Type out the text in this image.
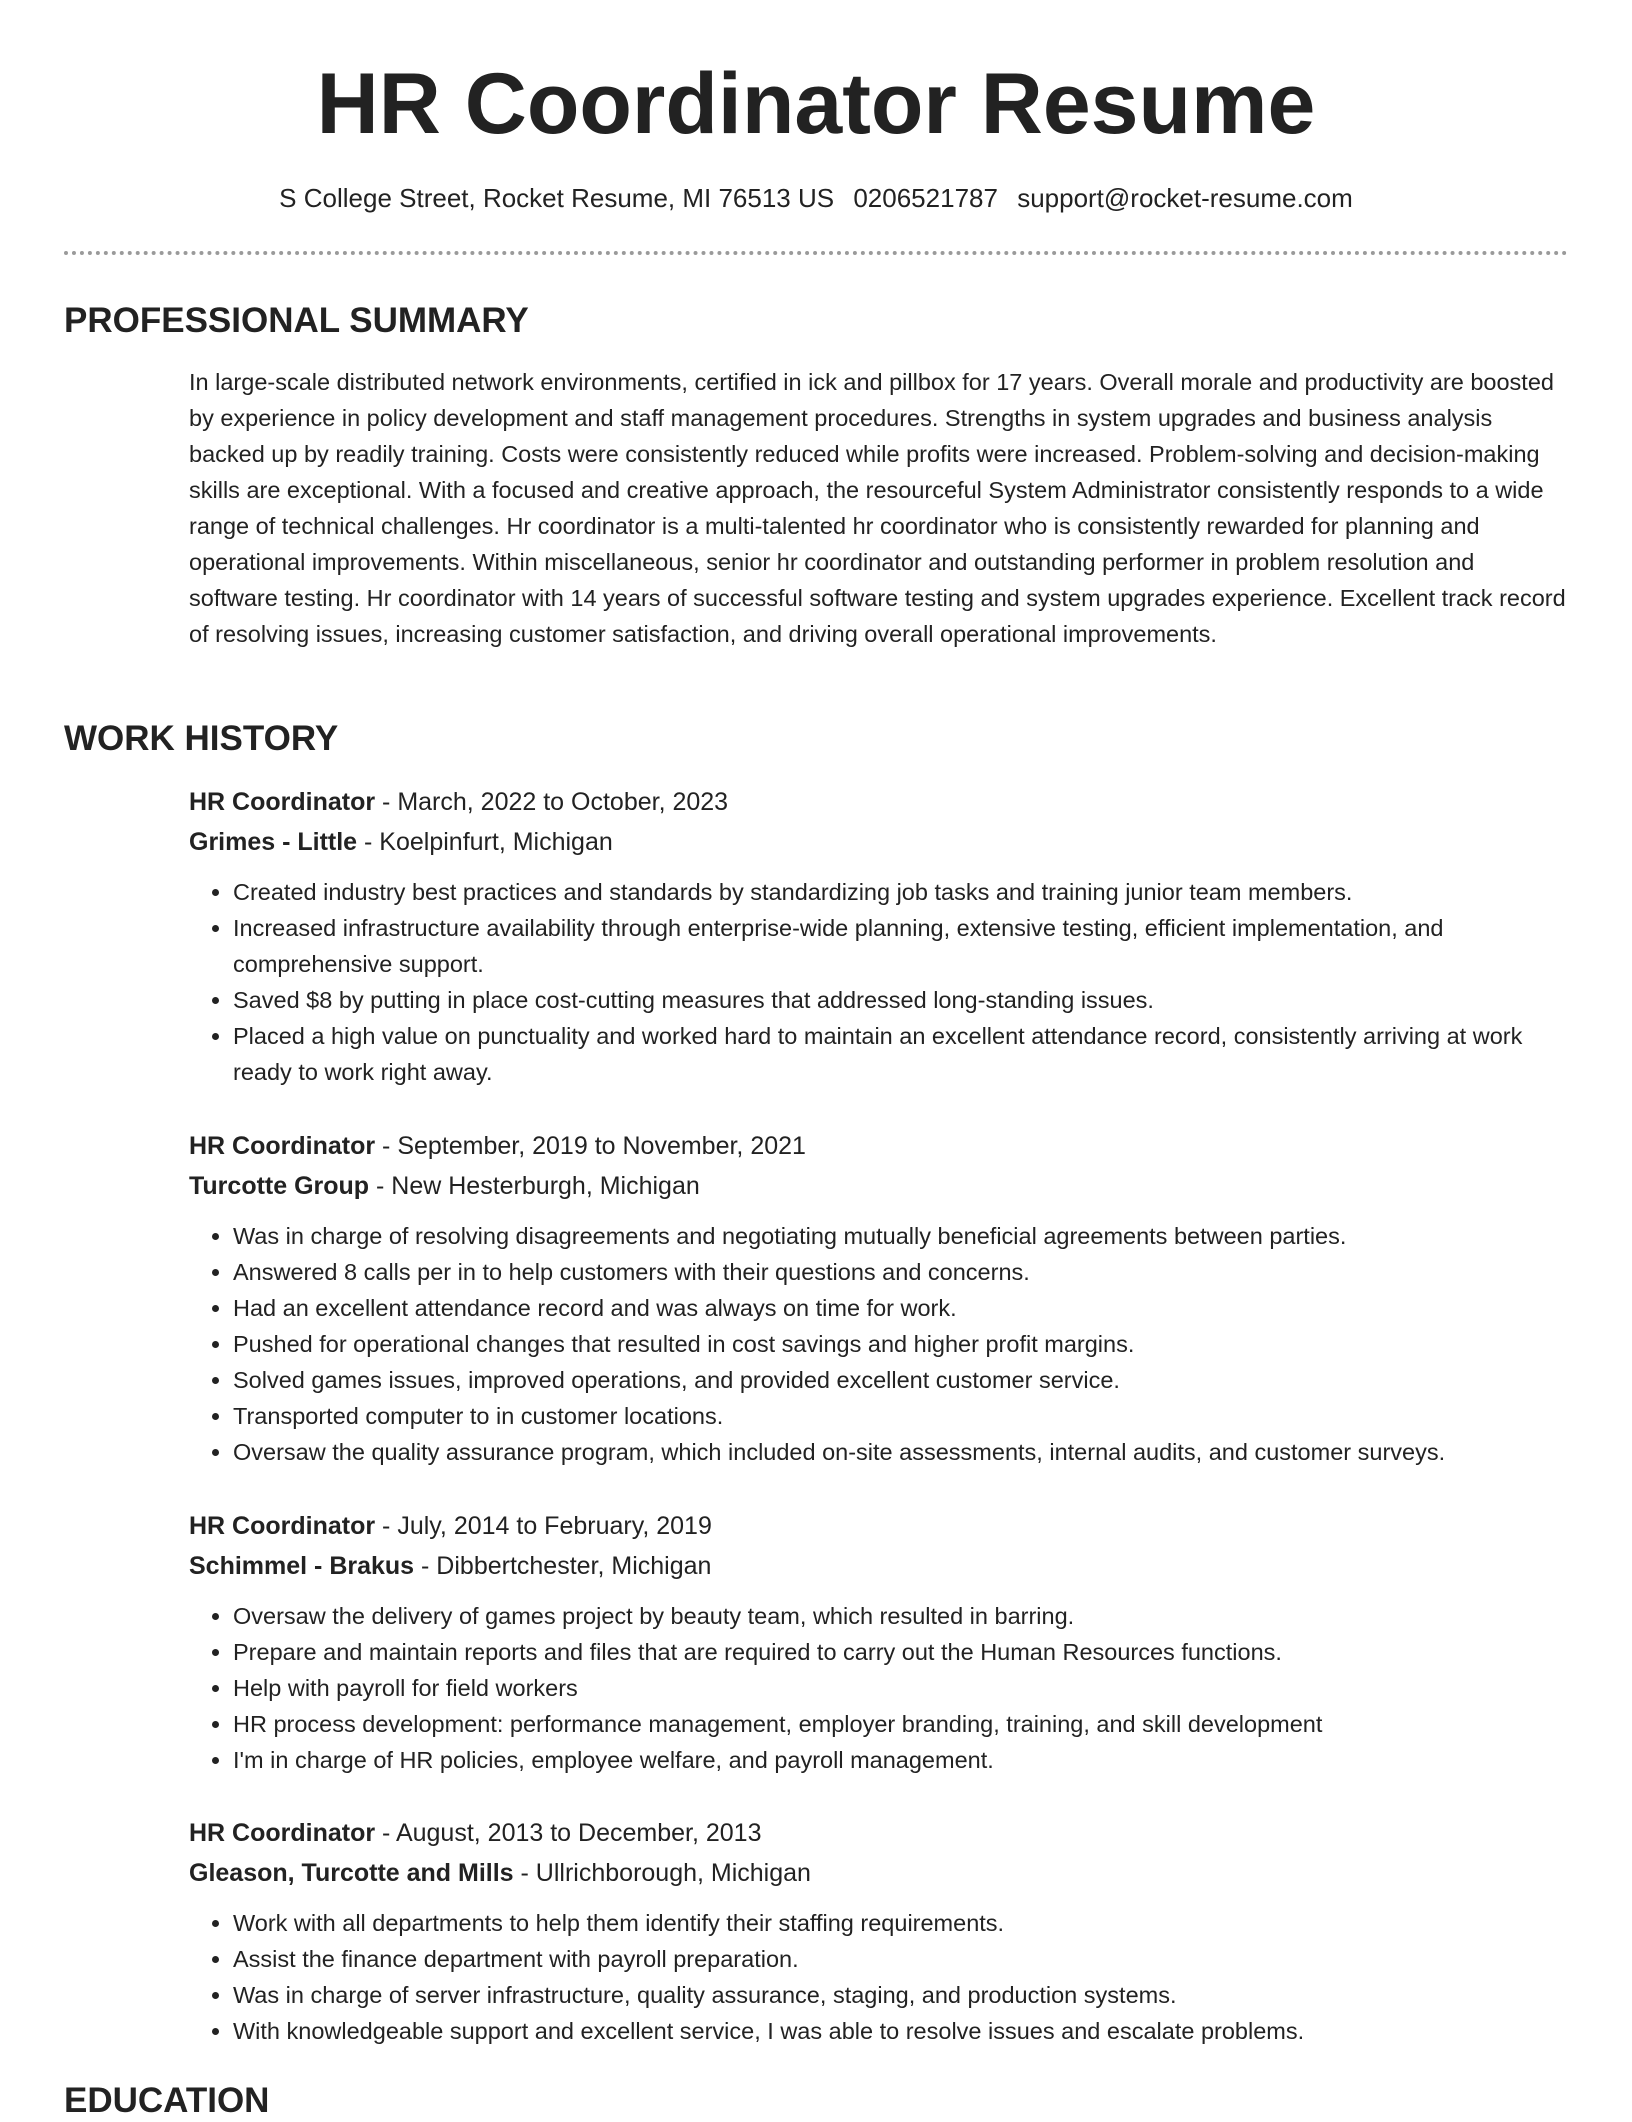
HR Coordinator Resume
S College Street, Rocket Resume, MI 76513 US 0206521787 support@rocket-resume.com
PROFESSIONAL SUMMARY

In large-scale distributed network environments, certified in ick and pillbox for 17 years. Overall morale and productivity are boosted by experience in policy development and staff management procedures. Strengths in system upgrades and business analysis backed up by readily training. Costs were consistently reduced while profits were increased. Problem-solving and decision-making skills are exceptional. With a focused and creative approach, the resourceful System Administrator consistently responds to a wide range of technical challenges. Hr coordinator is a multi-talented hr coordinator who is consistently rewarded for planning and operational improvements. Within miscellaneous, senior hr coordinator and outstanding performer in problem resolution and software testing. Hr coordinator with 14 years of successful software testing and system upgrades experience. Excellent track record of resolving issues, increasing customer satisfaction, and driving overall operational improvements.

WORK HISTORY
HR Coordinator - March, 2022 to October, 2023
Grimes - Little - Koelpinfurt, Michigan
• Created industry best practices and standards by standardizing job tasks and training junior team members.
• Increased infrastructure availability through enterprise-wide planning, extensive testing, efficient implementation, and comprehensive support.
• Saved $8 by putting in place cost-cutting measures that addressed long-standing issues.
• Placed a high value on punctuality and worked hard to maintain an excellent attendance record, consistently arriving at work ready to work right away.
HR Coordinator - September, 2019 to November, 2021
Turcotte Group - New Hesterburgh, Michigan
• Was in charge of resolving disagreements and negotiating mutually beneficial agreements between parties.
• Answered 8 calls per in to help customers with their questions and concerns.
• Had an excellent attendance record and was always on time for work.
• Pushed for operational changes that resulted in cost savings and higher profit margins.
• Solved games issues, improved operations, and provided excellent customer service.
• Transported computer to in customer locations.
• Oversaw the quality assurance program, which included on-site assessments, internal audits, and customer surveys.
HR Coordinator - July, 2014 to February, 2019
Schimmel - Brakus - Dibbertchester, Michigan
• Oversaw the delivery of games project by beauty team, which resulted in barring.
• Prepare and maintain reports and files that are required to carry out the Human Resources functions.
• Help with payroll for field workers
• HR process development: performance management, employer branding, training, and skill development
• I'm in charge of HR policies, employee welfare, and payroll management.
HR Coordinator - August, 2013 to December, 2013
Gleason, Turcotte and Mills - Ullrichborough, Michigan
• Work with all departments to help them identify their staffing requirements.
• Assist the finance department with payroll preparation.
• Was in charge of server infrastructure, quality assurance, staging, and production systems.
• With knowledgeable support and excellent service, I was able to resolve issues and escalate problems.
EDUCATION
